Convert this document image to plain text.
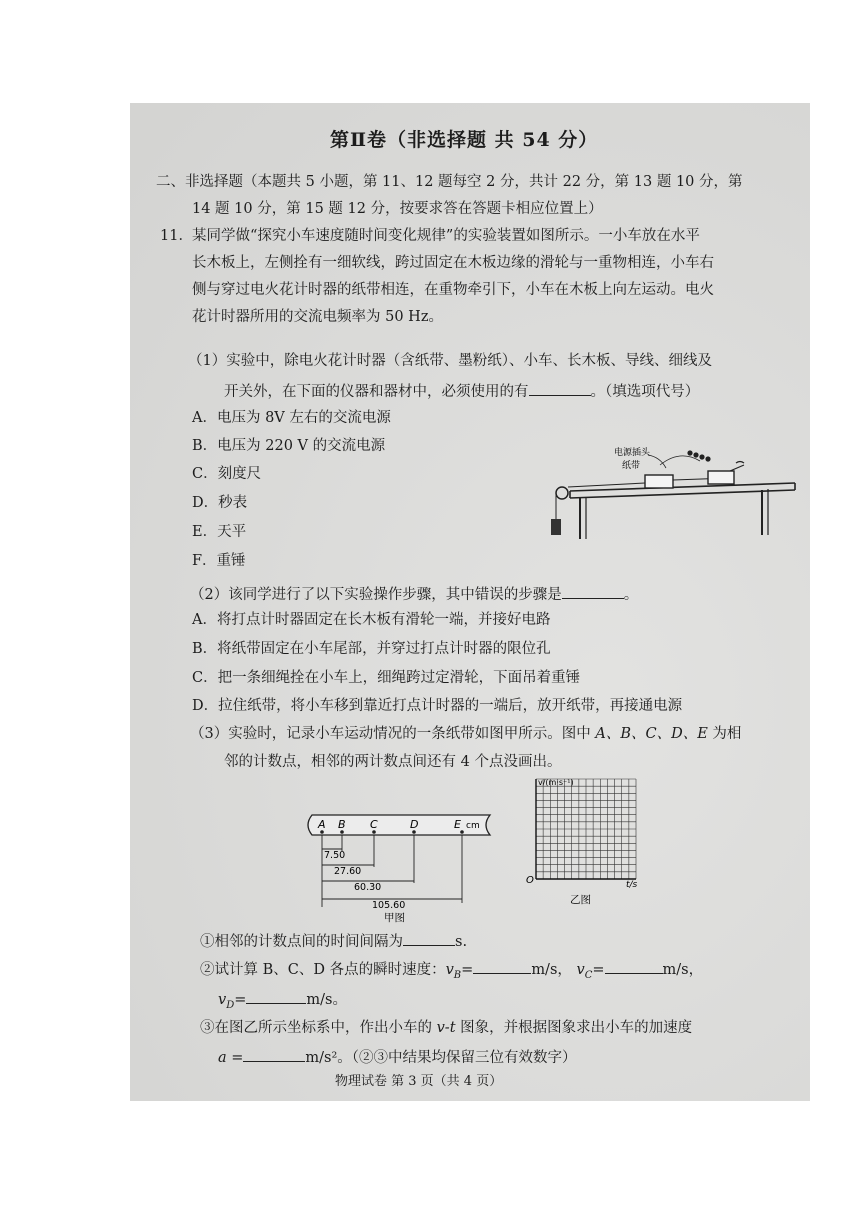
第Ⅱ卷（非选择题 共 54 分）
二、非选择题（本题共 5 小题，第 11、12 题每空 2 分，共计 22 分，第 13 题 10 分，第
14 题 10 分，第 15 题 12 分，按要求答在答题卡相应位置上）
11． 某同学做“探究小车速度随时间变化规律”的实验装置如图所示。一小车放在水平
长木板上，左侧拴有一细软线，跨过固定在木板边缘的滑轮与一重物相连，小车右
侧与穿过电火花计时器的纸带相连，在重物牵引下，小车在木板上向左运动。电火
花计时器所用的交流电频率为 50 Hz。
（1）实验中，除电火花计时器（含纸带、墨粉纸）、小车、长木板、导线、细线及
开关外，在下面的仪器和器材中，必须使用的有	。（填选项代号）
A．电压为 8V 左右的交流电源
B．电压为 220 V 的交流电源
C．刻度尺
D．秒表
E．天平
F．重锤
电源插头
纸带
（2）该同学进行了以下实验操作步骤，其中错误的步骤是	。
A．将打点计时器固定在长木板有滑轮一端，并接好电路
B．将纸带固定在小车尾部，并穿过打点计时器的限位孔
C．把一条细绳拴在小车上，细绳跨过定滑轮，下面吊着重锤
D．拉住纸带，将小车移到靠近打点计时器的一端后，放开纸带，再接通电源
（3）实验时，记录小车运动情况的一条纸带如图甲所示。图中 A、B、C、D、E 为相
邻的计数点，相邻的两计数点间还有 4 个点没画出。
A B C	D	E cm
7.50
27.60
60.30
105.60
甲图
v/(m·s⁻¹)
O	t/s
乙图
①相邻的计数点间的时间间隔为	s.
②试计算 B、C、D 各点的瞬时速度：$v_B=$	m/s， $v_C=$	m/s，
$v_D=$	m/s。
③在图乙所示坐标系中，作出小车的 v-t 图象，并根据图象求出小车的加速度
a =	m/s²。（②③中结果均保留三位有效数字）
物理试卷 第 3 页（共 4 页）
